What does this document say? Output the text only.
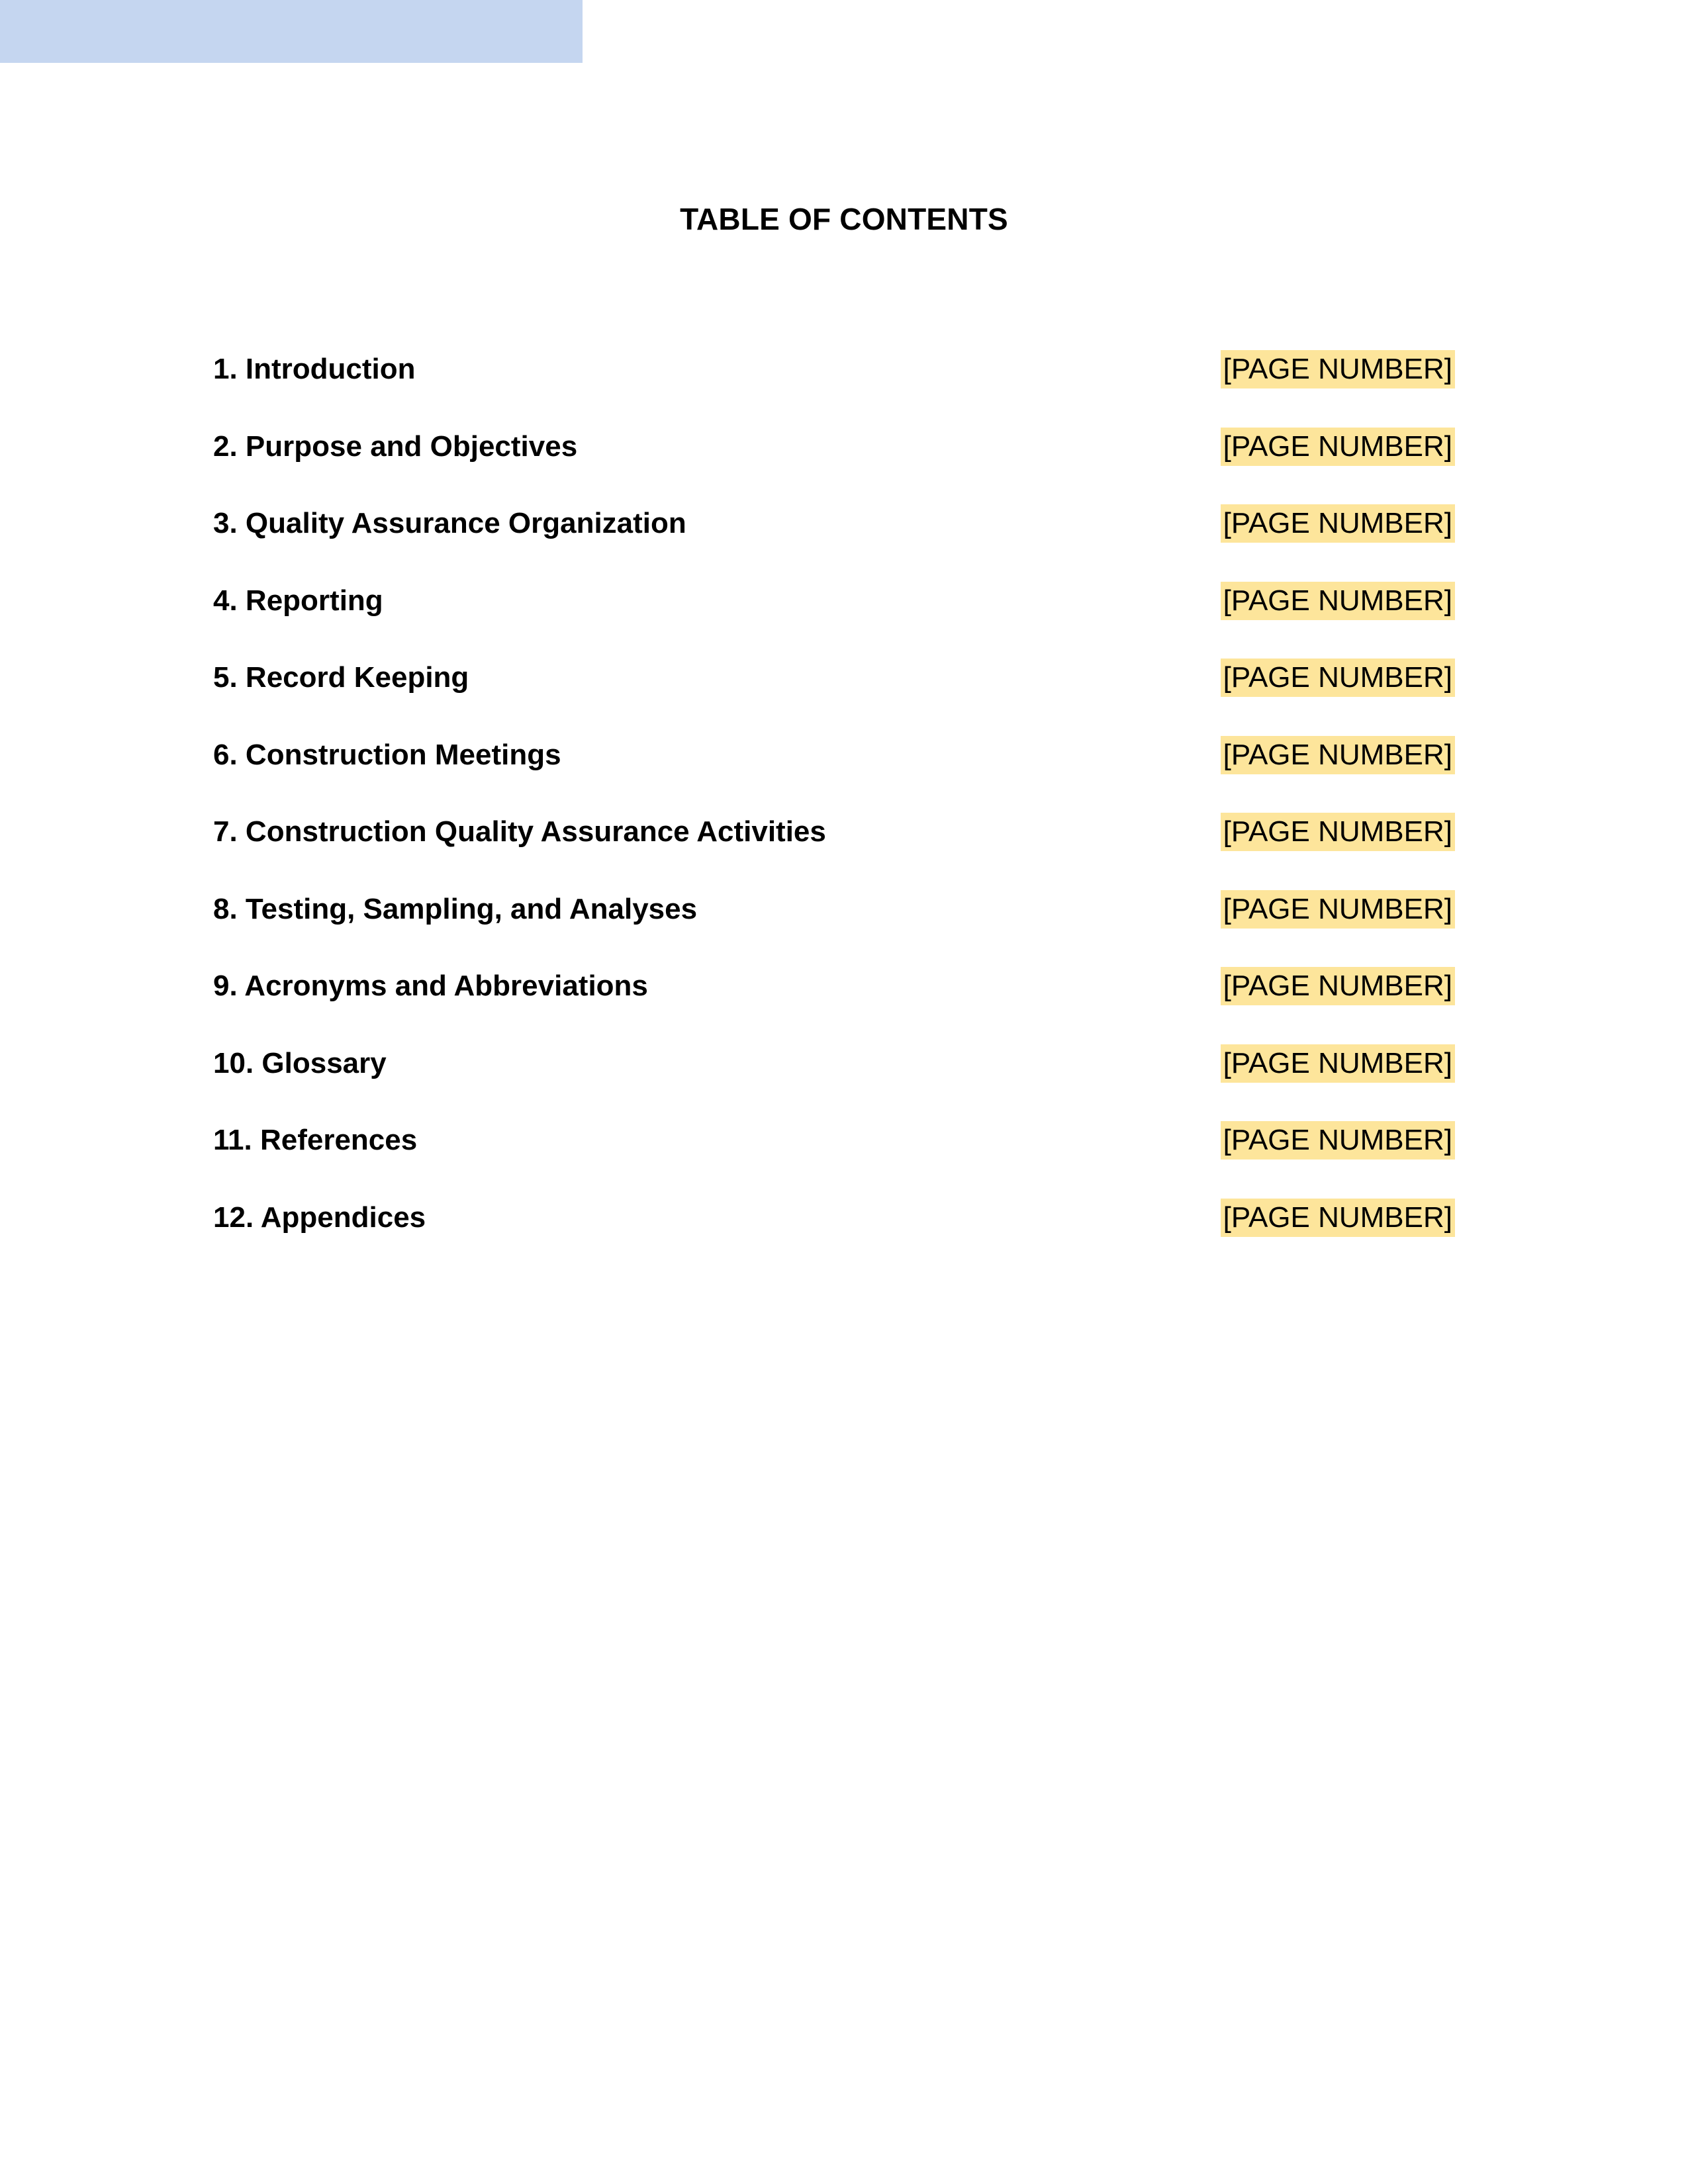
TABLE OF CONTENTS
1. Introduction	[PAGE NUMBER]
2. Purpose and Objectives	[PAGE NUMBER]
3. Quality Assurance Organization	[PAGE NUMBER]
4. Reporting	[PAGE NUMBER]
5. Record Keeping	[PAGE NUMBER]
6. Construction Meetings	[PAGE NUMBER]
7. Construction Quality Assurance Activities	[PAGE NUMBER]
8. Testing, Sampling, and Analyses	[PAGE NUMBER]
9. Acronyms and Abbreviations	[PAGE NUMBER]
10. Glossary	[PAGE NUMBER]
11. References	[PAGE NUMBER]
12. Appendices	[PAGE NUMBER]
